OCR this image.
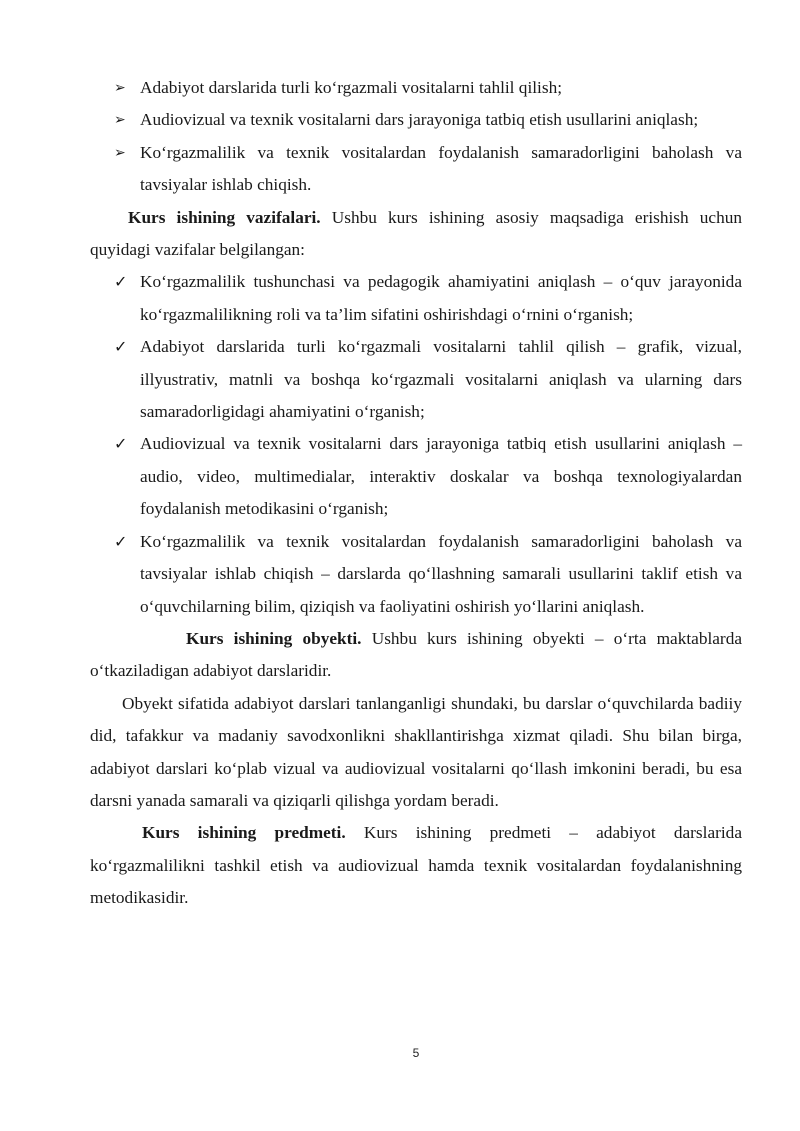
➢ Adabiyot darslarida turli koʻrgazmali vositalarni tahlil qilish;
➢ Audiovizual va texnik vositalarni dars jarayoniga tatbiq etish usullarini aniqlash;
➢ Koʻrgazmalilik va texnik vositalardan foydalanish samaradorligini baholash va tavsiyalar ishlab chiqish.
Kurs ishining vazifalari. Ushbu kurs ishining asosiy maqsadiga erishish uchun quyidagi vazifalar belgilangan:
✓ Koʻrgazmalilik tushunchasi va pedagogik ahamiyatini aniqlash – oʻquv jarayonida koʻrgazmalilikning roli va ta’lim sifatini oshirishdagi oʻrnini oʻrganish;
✓ Adabiyot darslarida turli koʻrgazmali vositalarni tahlil qilish – grafik, vizual, illyustrativ, matnli va boshqa koʻrgazmali vositalarni aniqlash va ularning dars samaradorligidagi ahamiyatini oʻrganish;
✓ Audiovizual va texnik vositalarni dars jarayoniga tatbiq etish usullarini aniqlash – audio, video, multimedialar, interaktiv doskalar va boshqa texnologiyalardan foydalanish metodikasini oʻrganish;
✓ Koʻrgazmalilik va texnik vositalardan foydalanish samaradorligini baholash va tavsiyalar ishlab chiqish – darslarda qoʻllashning samarali usullarini taklif etish va oʻquvchilarning bilim, qiziqish va faoliyatini oshirish yoʻllarini aniqlash.
Kurs ishining obyekti. Ushbu kurs ishining obyekti – oʻrta maktablarda oʻtkaziladigan adabiyot darslaridir.
Obyekt sifatida adabiyot darslari tanlanganligi shundaki, bu darslar oʻquvchilarda badiiy did, tafakkur va madaniy savodxonlikni shakllantirishga xizmat qiladi. Shu bilan birga, adabiyot darslari koʻplab vizual va audiovizual vositalarni qoʻllash imkonini beradi, bu esa darsni yanada samarali va qiziqarli qilishga yordam beradi.
Kurs ishining predmeti. Kurs ishining predmeti – adabiyot darslarida koʻrgazmalilikni tashkil etish va audiovizual hamda texnik vositalardan foydalanishning metodikasidir.
5
